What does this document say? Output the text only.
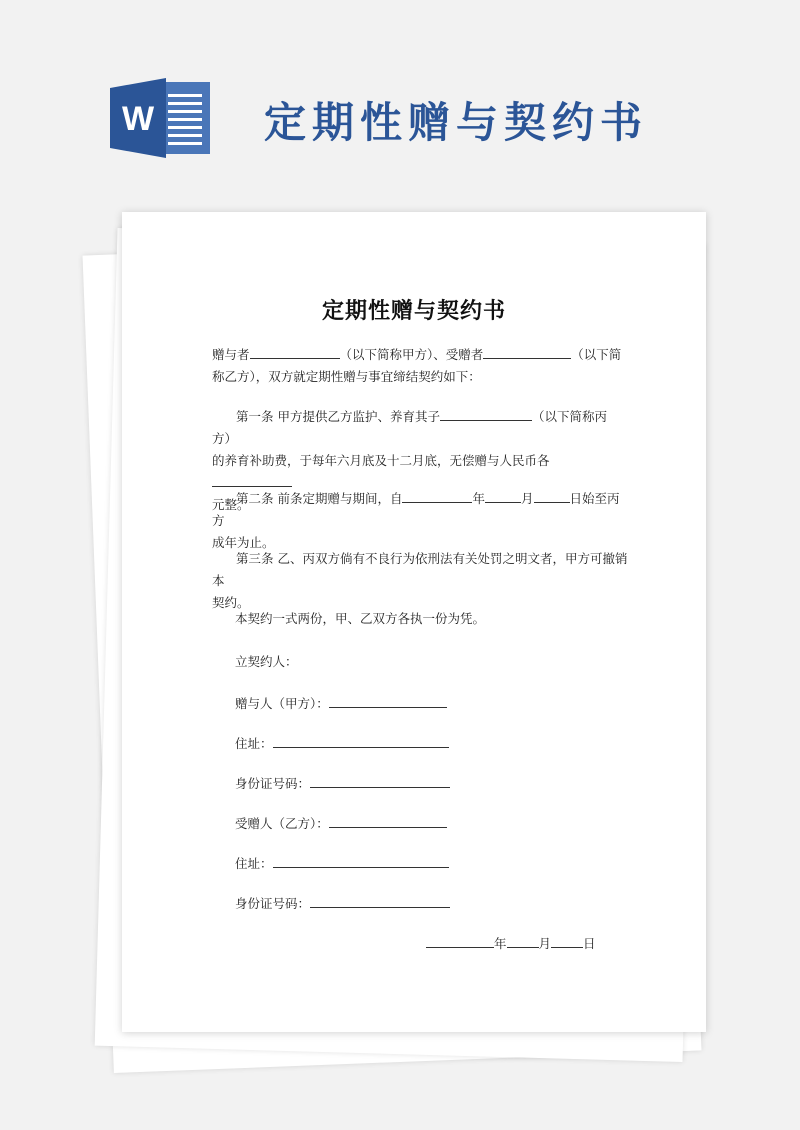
W	定期性赠与契约书
定期性赠与契约书
赠与者	（以下简称甲方）、受赠者	（以下简
称乙方），双方就定期性赠与事宜缔结契约如下：
第一条 甲方提供乙方监护、养育其子	（以下简称丙方）
的养育补助费，于每年六月底及十二月底，无偿赠与人民币各
元整。
第二条 前条定期赠与期间，自	年	月	日始至丙方
成年为止。
第三条 乙、丙双方倘有不良行为依刑法有关处罚之明文者，甲方可撤销本
契约。
本契约一式两份，甲、乙双方各执一份为凭。
立契约人：
赠与人（甲方）：
住址：
身份证号码：
受赠人（乙方）：
住址：
身份证号码：
年	月	日
